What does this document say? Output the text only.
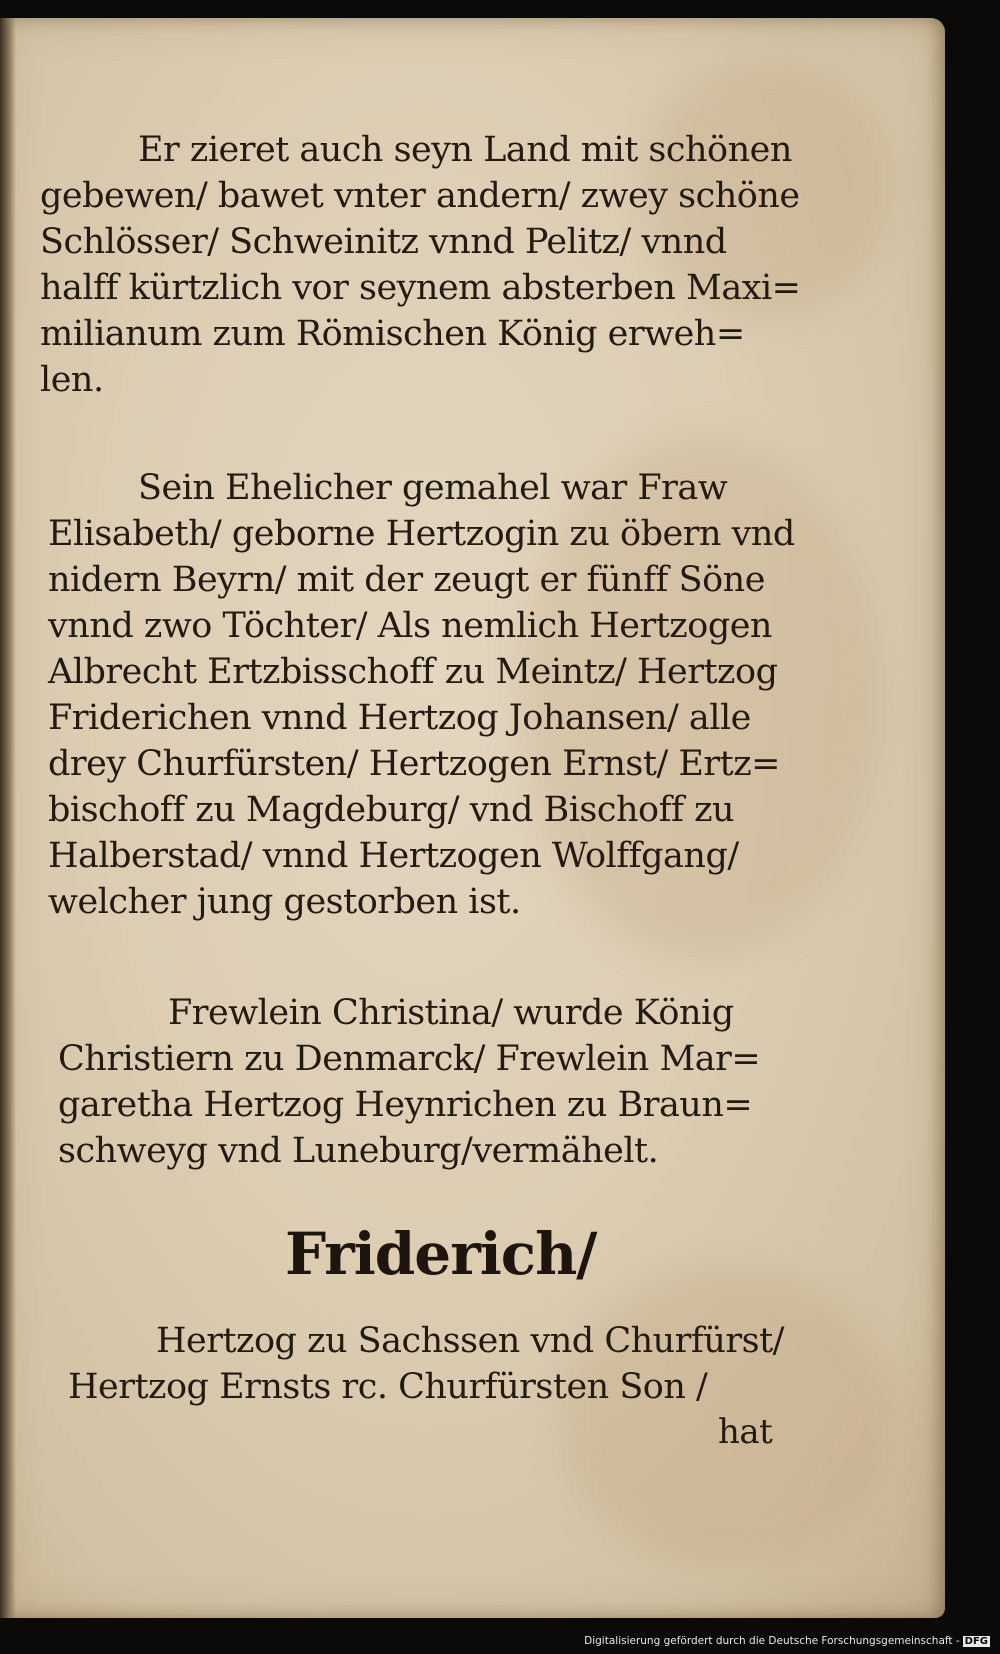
Er zieret auch seyn Land mit schönen
gebewen/ bawet vnter andern/ zwey schöne
Schlösser/ Schweinitz vnnd Pelitz/ vnnd
halff kürtzlich vor seynem absterben Maxi=
milianum zum Römischen König erweh=
len.
Sein Ehelicher gemahel war Fraw
Elisabeth/ geborne Hertzogin zu öbern vnd
nidern Beyrn/ mit der zeugt er fünff Söne
vnnd zwo Töchter/ Als nemlich Hertzogen
Albrecht Ertzbisschoff zu Meintz/ Hertzog
Friderichen vnnd Hertzog Johansen/ alle
drey Churfürsten/ Hertzogen Ernst/ Ertz=
bischoff zu Magdeburg/ vnd Bischoff zu
Halberstad/ vnnd Hertzogen Wolffgang/
welcher jung gestorben ist.
Frewlein Christina/ wurde König
Christiern zu Denmarck/ Frewlein Mar=
garetha Hertzog Heynrichen zu Braun=
schweyg vnd Luneburg/vermähelt.
Friderich/
Hertzog zu Sachssen vnd Churfürst/
Hertzog Ernsts rc. Churfürsten Son /
hat
Digitalisierung gefördert durch die Deutsche Forschungsgemeinschaft - DFG
